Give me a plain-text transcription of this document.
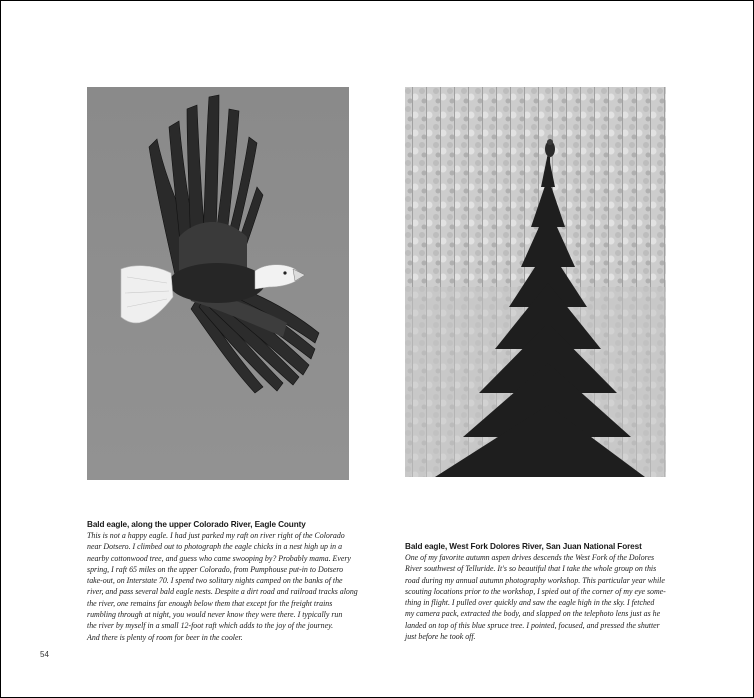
Bald eagle, along the upper Colorado River, Eagle County
This is not a happy eagle. I had just parked my raft on river right of the Colorado
near Dotsero. I climbed out to photograph the eagle chicks in a nest high up in a
nearby cottonwood tree, and guess who came swooping by? Probably mama. Every
spring, I raft 65 miles on the upper Colorado, from Pumphouse put-in to Dotsero
take-out, on Interstate 70. I spend two solitary nights camped on the banks of the
river, and pass several bald eagle nests. Despite a dirt road and railroad tracks along
the river, one remains far enough below them that except for the freight trains
rumbling through at night, you would never know they were there. I typically run
the river by myself in a small 12-foot raft which adds to the joy of the journey.
And there is plenty of room for beer in the cooler.
Bald eagle, West Fork Dolores River, San Juan National Forest
One of my favorite autumn aspen drives descends the West Fork of the Dolores
River southwest of Telluride. It's so beautiful that I take the whole group on this
road during my annual autumn photography workshop. This particular year while
scouting locations prior to the workshop, I spied out of the corner of my eye some-
thing in flight. I pulled over quickly and saw the eagle high in the sky. I fetched
my camera pack, extracted the body, and slapped on the telephoto lens just as he
landed on top of this blue spruce tree. I pointed, focused, and pressed the shutter
just before he took off.
54
